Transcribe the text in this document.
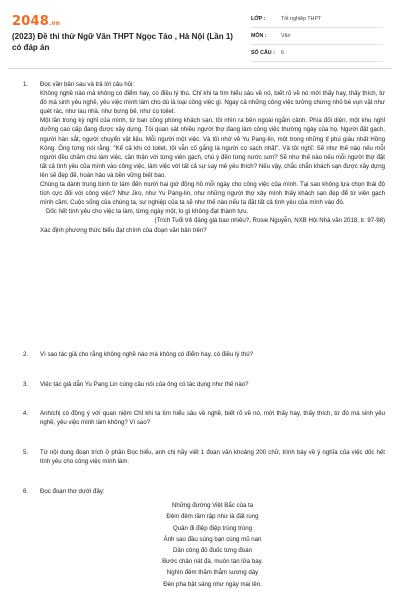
2048.vn
(2023) Đề thi thử Ngữ Văn THPT Ngọc Tảo , Hà Nội (Lần 1) có đáp án
LỚP :	Tốt nghiệp THPT
MÔN :	Văn
SỐ CÂU :	6
1. Đọc văn bản sau và trả lời câu hỏi:

Không nghề nào mà không có điểm hay, có điều lý thú. Chỉ khi ta tìm hiểu sâu về nó, biết rõ về nó mới thấy hay, thấy thích, từ đó mà sinh yêu nghề, yêu việc mình làm cho dù là loại công việc gì. Ngay cả những công việc tưởng chừng nhỏ bé vụn vặt như quét rác, như lau nhà, như bưng bê, như cọ toilet.

Một lần trong kỳ nghỉ của mình, từ ban công phòng khách sạn, tôi nhìn ra bên ngoài ngắm cảnh. Phía đối diện, một khu nghỉ dưỡng cao cấp đang được xây dựng. Tôi quan sát nhiều người thợ đang làm công việc thường ngày của họ. Người đặt gạch, người hàn sắt, người chuyển vật liệu. Mỗi người một việc. Và tôi nhớ về Yu Pang-lin, một trong những tỉ phú giàu nhất Hồng Kông. Ông từng nói rằng: "Kể cả khi có toilet, tôi vẫn cố gắng là người cọ sạch nhất". Và tôi nghĩ: Sẽ như thế nào nếu mỗi người đều chăm chú làm việc, cần thận với từng viên gạch, chú ý đến từng nước sơn? Sẽ như thế nào nếu mỗi người thợ đặt tất cả tình yêu của mình vào công việc, làm việc với tất cả sự say mê yêu thích? Nếu vậy, chắc chắn khách sạn được xây dựng lên sẽ đẹp đẽ, hoàn hảo và bền vững biết bao.

Chúng ta dành trung bình từ tám đến mười hai giờ đồng hồ mỗi ngày cho công việc của mình. Tại sao không lựa chọn thái độ tích cực đối với công việc? Như Jiro, như Yu Pang-lin, như những người thợ xây mình thấy khách sạn đẹp để từ viên gạch mình cầm. Cuộc sống của chúng ta, sự nghiệp của ta sẽ như thế nào nếu ta đặt tất cả tình yêu của mình vào đó.

Dốc hết tình yêu cho việc ta làm, từng ngày một, lo gì không đạt thành tựu.

(Trích Tuổi trẻ đáng giá bao nhiêu?, Rosie Nguyễn, NXB Hội Nhà văn 2018, tr. 97-98)

Xác định phương thức biểu đạt chính của đoạn văn bản trên?

2. Vì sao tác giả cho rằng không nghề nào mà không có điểm hay, có điều lý thú?

3. Việc tác giả dẫn Yu Pang Lin cùng câu nói của ông có tác dụng như thế nào?

4. Anh/chị có đồng ý với quan niệm Chỉ khi ta tìm hiểu sâu về nghề, biết rõ về nó, mới thấy hay, thấy thích, từ đó mà sinh yêu nghề, yêu việc mình làm không? Vì sao?

5. Từ nội dung đoạn trích ở phần Đọc hiểu, anh chị hãy viết 1 đoạn văn khoảng 200 chữ, trình bày về ý nghĩa của việc dốc hết tình yêu cho công việc mình làm.

6. Đọc đoạn thơ dưới đây:

Những đường Việt Bắc của ta

Đêm đêm rầm rập như là đất rung

Quân đi điệp điệp trùng trùng

Ánh sao đầu súng bạn cùng mũ nan

Dân công đỏ đuốc từng đoàn

Bước chân nát đá, muôn tàn lửa bay.

Nghìn đêm thăm thẳm sương dày

Đèn pha bật sáng như ngày mai lên.
